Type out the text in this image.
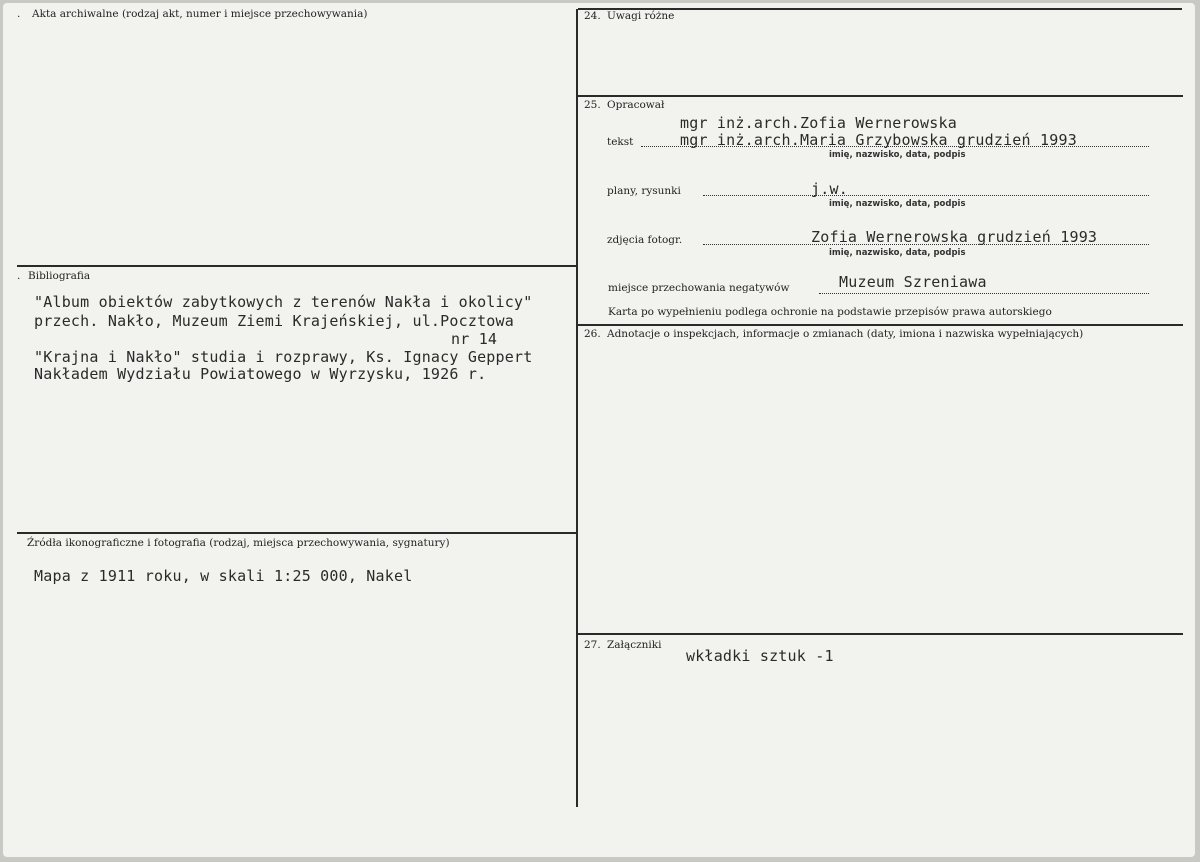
. Akta archiwalne (rodzaj akt, numer i miejsce przechowywania)
. Bibliografia
"Album obiektów zabytkowych z terenów Nakła i okolicy"
przech. Nakło, Muzeum Ziemi Krajeńskiej, ul.Pocztowa
nr 14
"Krajna i Nakło" studia i rozprawy, Ks. Ignacy Geppert
Nakładem Wydziału Powiatowego w Wyrzysku, 1926 r.
Źródła ikonograficzne i fotografia (rodzaj, miejsca przechowywania, sygnatury)
Mapa z 1911 roku, w skali 1:25 000, Nakel
24. Uwagi różne
25. Opracował
mgr inż.arch.Zofia Wernerowska
tekst	mgr inż.arch.Maria Grzybowska grudzień 1993
imię, nazwisko, data, podpis
plany, rysunki	j.w.
imię, nazwisko, data, podpis
zdjęcia fotogr.	Zofia Wernerowska grudzień 1993
imię, nazwisko, data, podpis
miejsce przechowania negatywów	Muzeum Szreniawa
Karta po wypełnieniu podlega ochronie na podstawie przepisów prawa autorskiego
26. Adnotacje o inspekcjach, informacje o zmianach (daty, imiona i nazwiska wypełniających)
27. Załączniki
wkładki sztuk -1
